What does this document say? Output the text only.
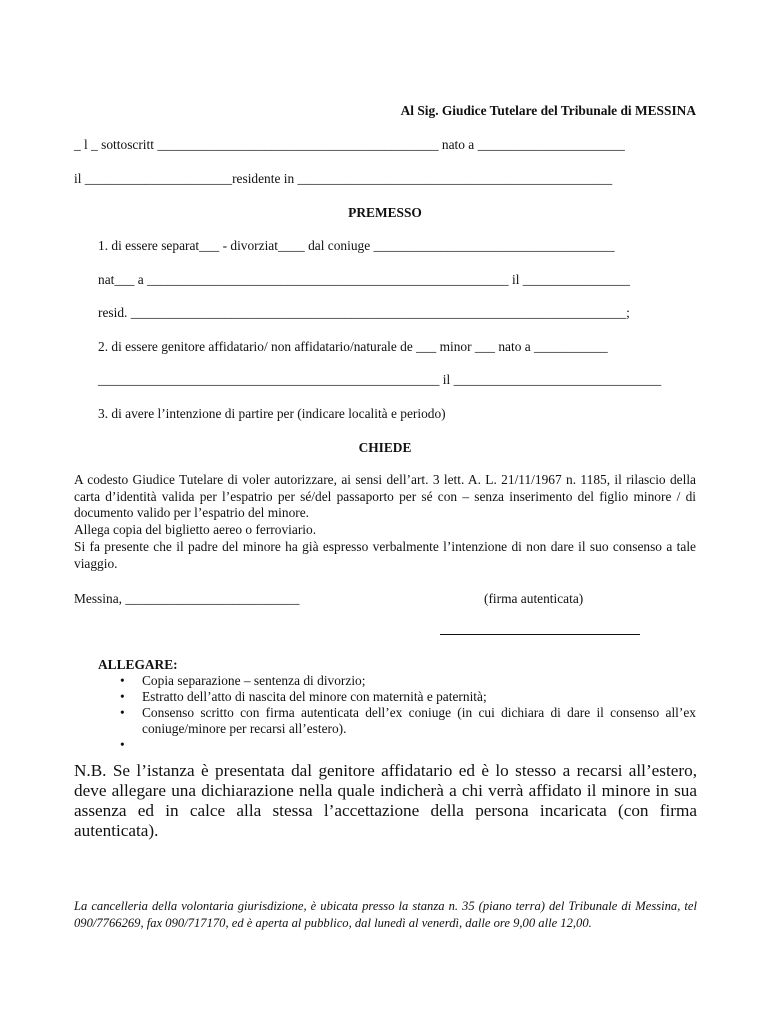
Al Sig. Giudice Tutelare del Tribunale di MESSINA
_ l _ sottoscritt __________________________________________ nato a ______________________
il ______________________residente in _______________________________________________
PREMESSO
1. di essere separat___ - divorziat____ dal coniuge ____________________________________
nat___ a ______________________________________________________ il ________________
resid. __________________________________________________________________________;
2. di essere genitore affidatario/ non affidatario/naturale de ___ minor ___ nato a ___________
___________________________________________________ il _______________________________
3. di avere l’intenzione di partire per (indicare località e periodo)
CHIEDE
A codesto Giudice Tutelare di voler autorizzare, ai sensi dell’art. 3 lett. A. L. 21/11/1967 n. 1185, il rilascio della carta d’identità valida per l’espatrio per sé/del passaporto per sé con – senza inserimento del figlio minore / di documento valido per l’espatrio del minore.
Allega copia del biglietto aereo o ferroviario.
Si fa presente che il padre del minore ha già espresso verbalmente l’intenzione di non dare il suo consenso a tale viaggio.
Messina, __________________________	(firma autenticata)
ALLEGARE:
• Copia separazione – sentenza di divorzio;
• Estratto dell’atto di nascita del minore con maternità e paternità;
• Consenso scritto con firma autenticata dell’ex coniuge (in cui dichiara di dare il consenso all’ex coniuge/minore per recarsi all’estero).
•
N.B. Se l’istanza è presentata dal genitore affidatario ed è lo stesso a recarsi all’estero, deve allegare una dichiarazione nella quale indicherà a chi verrà affidato il minore in sua assenza ed in calce alla stessa l’accettazione della persona incaricata (con firma autenticata).
La cancelleria della volontaria giurisdizione, è ubicata presso la stanza n. 35 (piano terra) del Tribunale di Messina, tel 090/7766269, fax 090/717170, ed è aperta al pubblico, dal lunedì al venerdì, dalle ore 9,00 alle 12,00.
